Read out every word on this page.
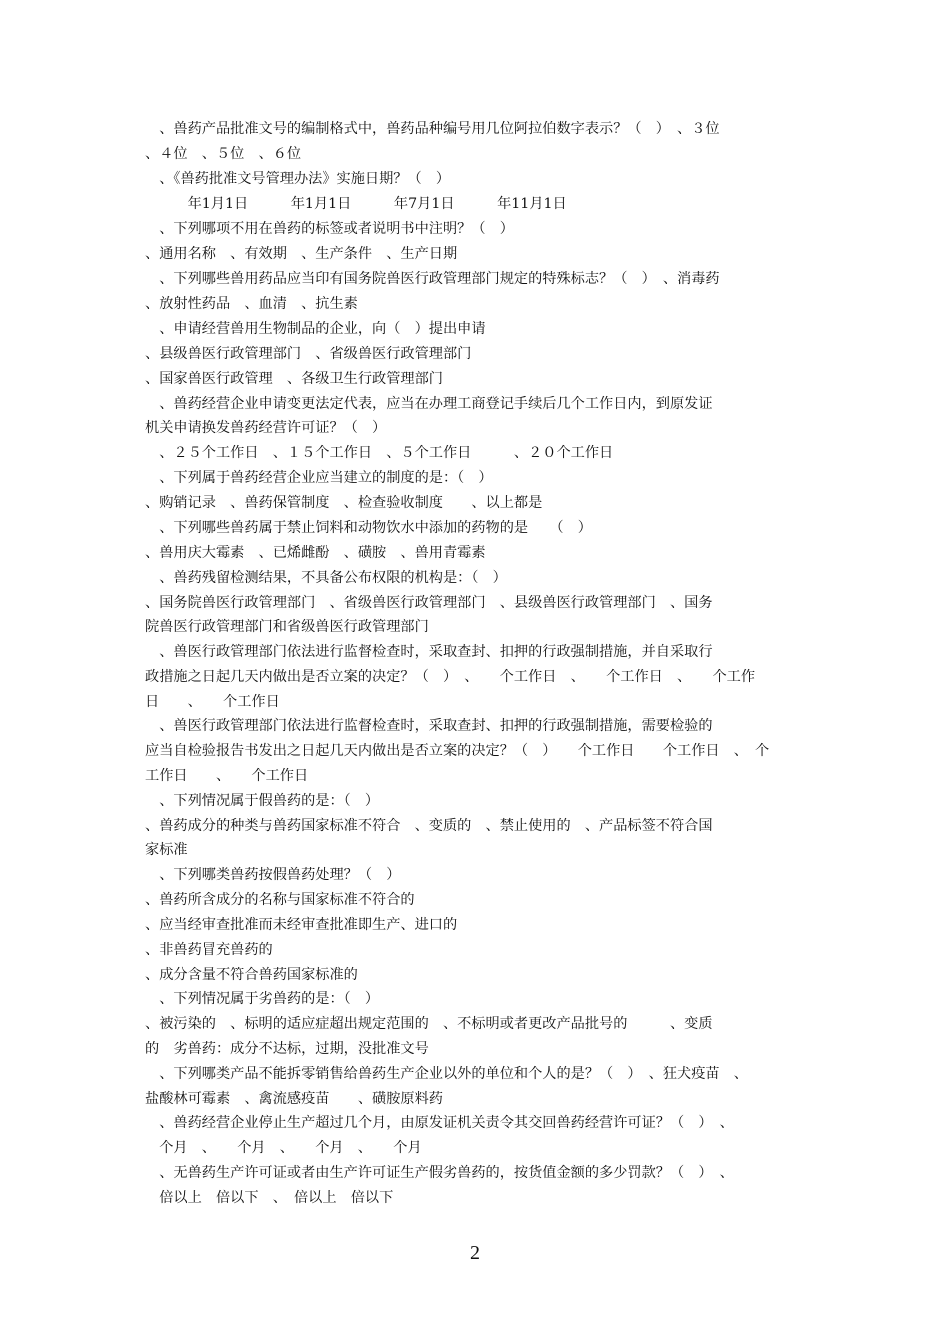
　、兽药产品批准文号的编制格式中，兽药品种编号用几位阿拉伯数字表示？（　）　、３位
、４位　、５位　、６位
　、《兽药批准文号管理办法》实施日期？（　）
　　　年1月1日　　　年1月1日　　　年7月1日　　　年11月1日
　、下列哪项不用在兽药的标签或者说明书中注明？（　）
、通用名称　、有效期　、生产条件　、生产日期
　、下列哪些兽用药品应当印有国务院兽医行政管理部门规定的特殊标志？（　）　、消毒药
、放射性药品　、血清　、抗生素
　、申请经营兽用生物制品的企业，向（　）提出申请
、县级兽医行政管理部门　、省级兽医行政管理部门
、国家兽医行政管理　、各级卫生行政管理部门
　、兽药经营企业申请变更法定代表，应当在办理工商登记手续后几个工作日内，到原发证
机关申请换发兽药经营许可证？（　）
　、２５个工作日　、１５个工作日　、５个工作日　　　、２０个工作日
　、下列属于兽药经营企业应当建立的制度的是：（　）
、购销记录　、兽药保管制度　、检查验收制度　　、以上都是
　、下列哪些兽药属于禁止饲料和动物饮水中添加的药物的是　　（　）
、兽用庆大霉素　、已烯雌酚　、磺胺　、兽用青霉素
　、兽药残留检测结果，不具备公布权限的机构是：（　）
、国务院兽医行政管理部门　、省级兽医行政管理部门　、县级兽医行政管理部门　、国务
院兽医行政管理部门和省级兽医行政管理部门
　、兽医行政管理部门依法进行监督检查时，采取查封、扣押的行政强制措施，并自采取行
政措施之日起几天内做出是否立案的决定？（　）　、　　个工作日　、　　个工作日　、　　个工作
日　　、　　个工作日
　、兽医行政管理部门依法进行监督检查时，采取查封、扣押的行政强制措施，需要检验的
应当自检验报告书发出之日起几天内做出是否立案的决定？（　）　　个工作日　　个工作日　、　个
工作日　　、　　个工作日
　、下列情况属于假兽药的是：（　）
、兽药成分的种类与兽药国家标准不符合　、变质的　、禁止使用的　、产品标签不符合国
家标准
　、下列哪类兽药按假兽药处理？（　）
、兽药所含成分的名称与国家标准不符合的
、应当经审查批准而未经审查批准即生产、进口的
、非兽药冒充兽药的
、成分含量不符合兽药国家标准的
　、下列情况属于劣兽药的是：（　）
、被污染的　、标明的适应症超出规定范围的　、不标明或者更改产品批号的　　　、变质
的　劣兽药：成分不达标，过期，没批准文号
　、下列哪类产品不能拆零销售给兽药生产企业以外的单位和个人的是？（　）　、狂犬疫苗　、
盐酸林可霉素　、禽流感疫苗　　、磺胺原料药
　、兽药经营企业停止生产超过几个月，由原发证机关责令其交回兽药经营许可证？（　）　、
　个月　、　　个月　、　　个月　、　　个月
　、无兽药生产许可证或者由生产许可证生产假劣兽药的，按货值金额的多少罚款？（　）　、
　倍以上　倍以下　、　倍以上　倍以下
2
